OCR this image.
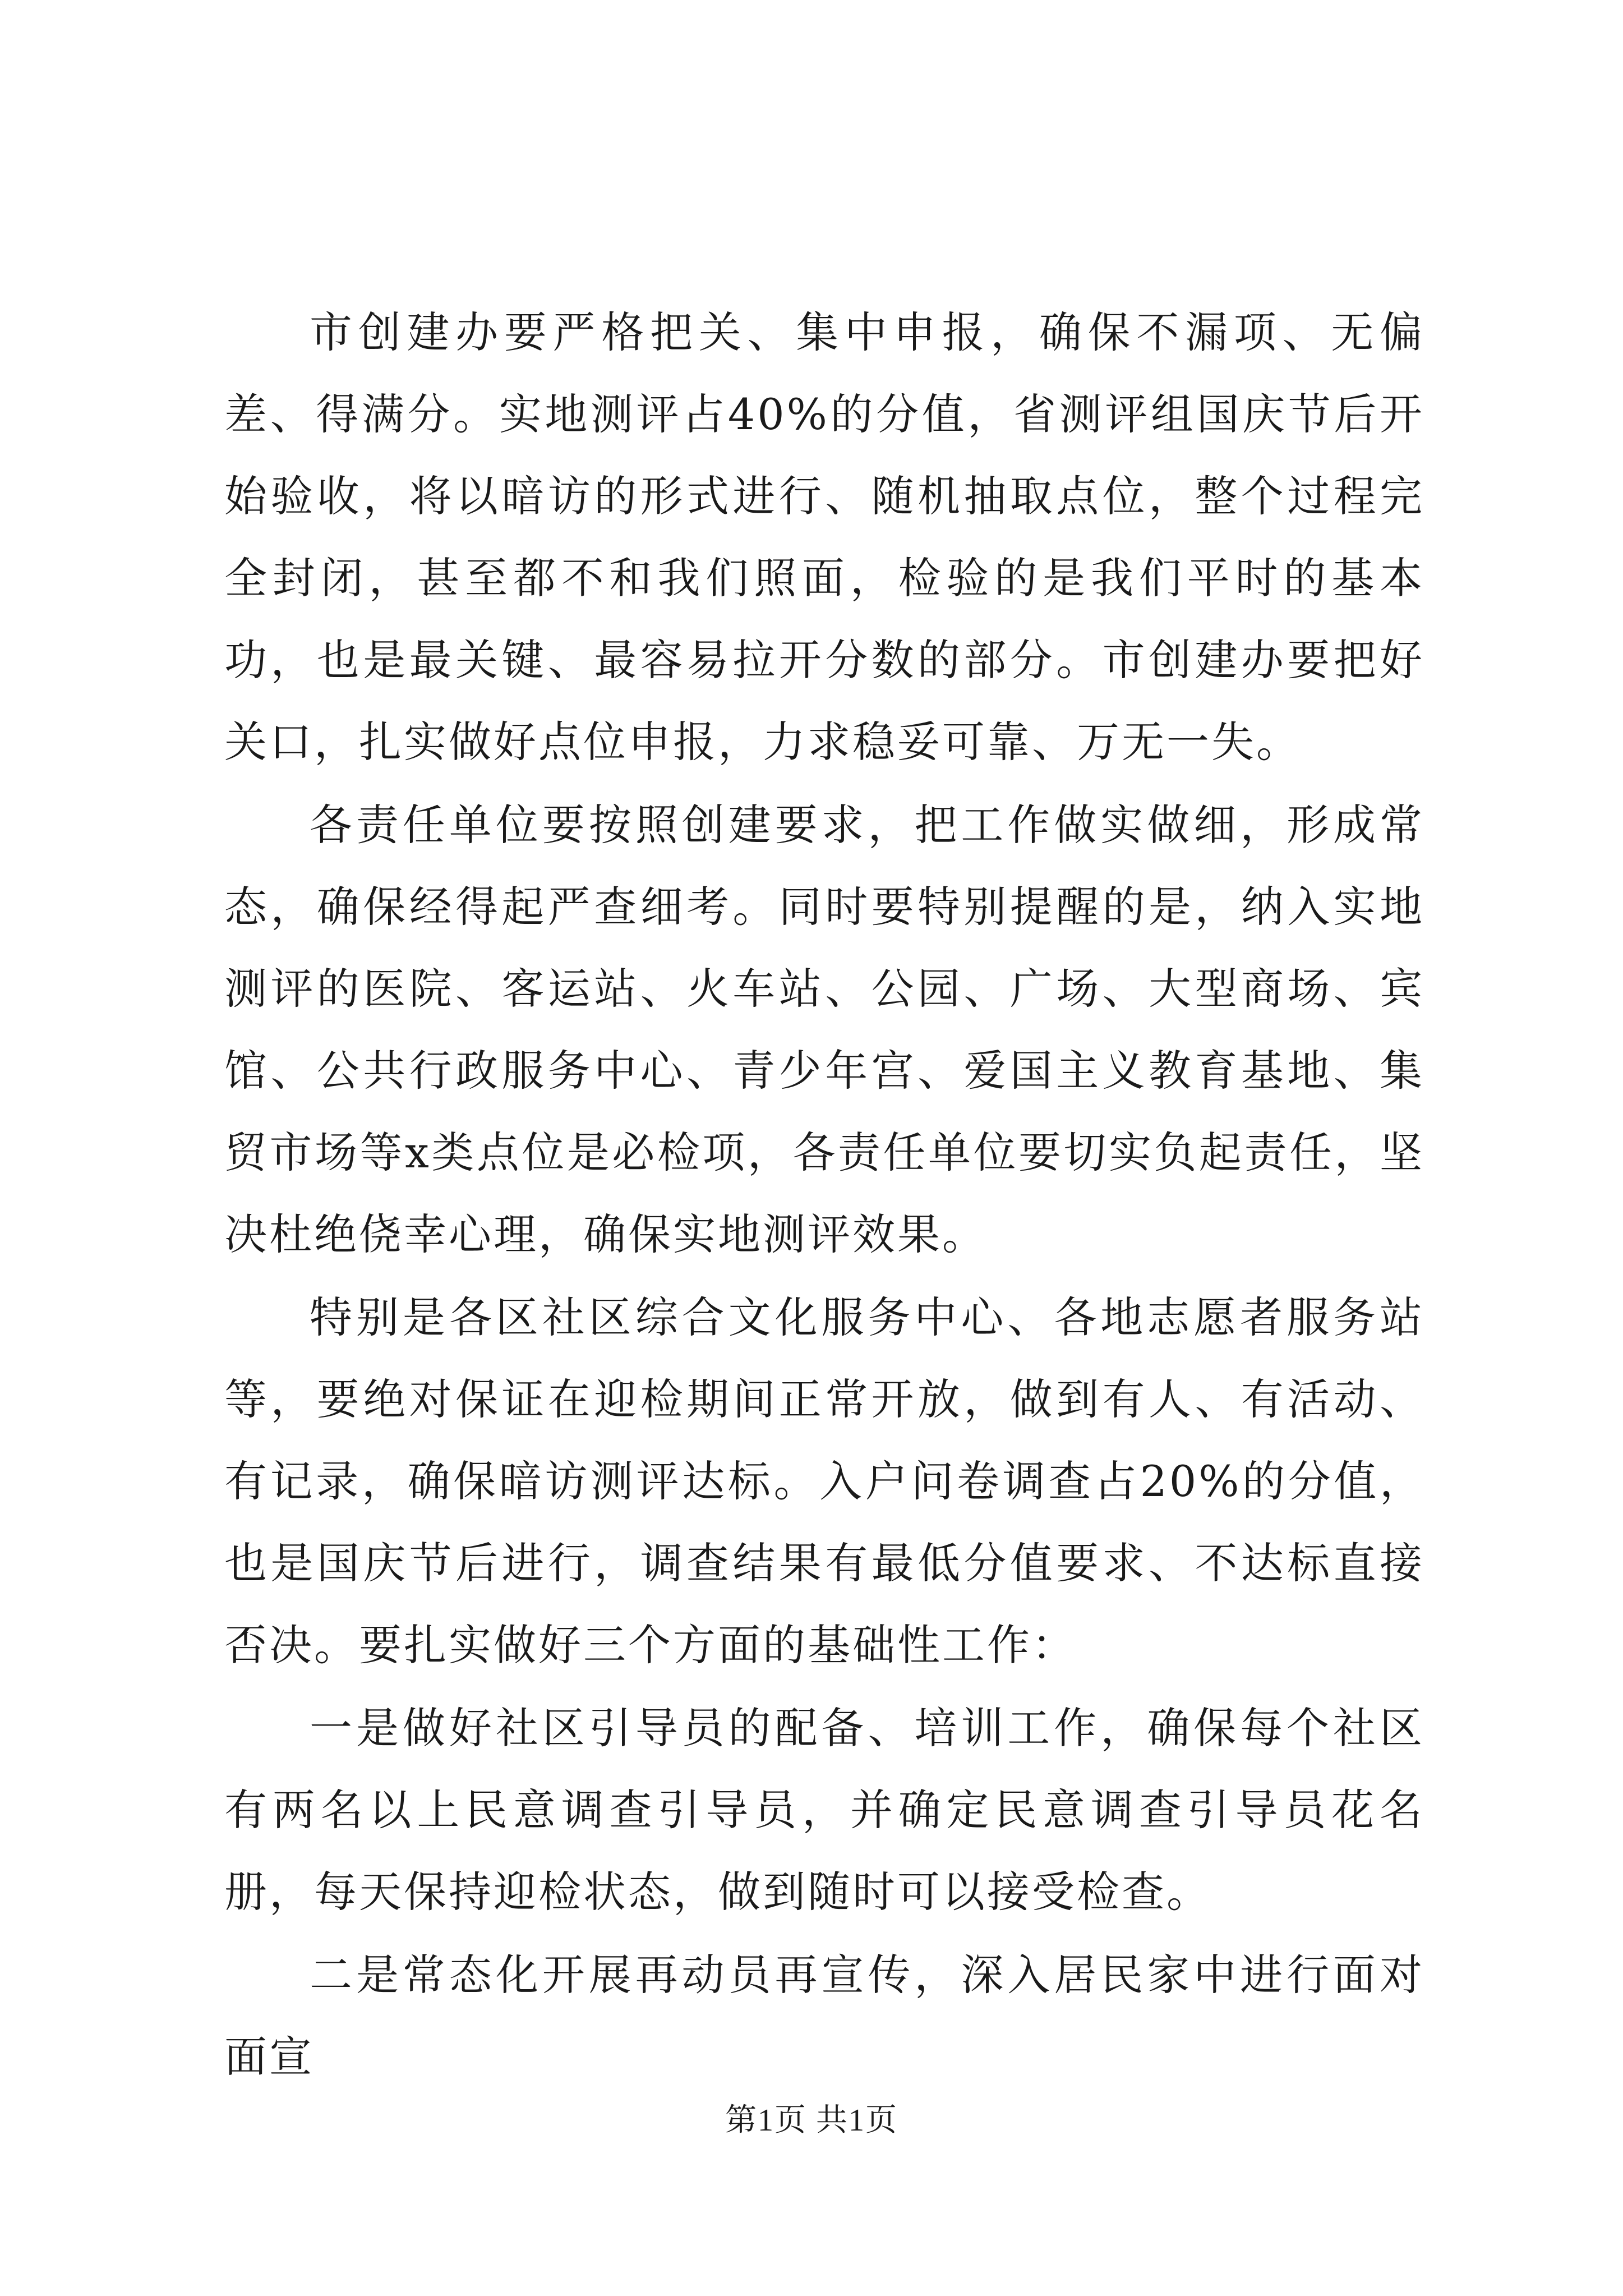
市创建办要严格把关、集中申报，确保不漏项、无偏差、得满分。实地测评占40%的分值，省测评组国庆节后开始验收，将以暗访的形式进行、随机抽取点位，整个过程完全封闭，甚至都不和我们照面，检验的是我们平时的基本功，也是最关键、最容易拉开分数的部分。市创建办要把好关口，扎实做好点位申报，力求稳妥可靠、万无一失。

各责任单位要按照创建要求，把工作做实做细，形成常态，确保经得起严查细考。同时要特别提醒的是，纳入实地测评的医院、客运站、火车站、公园、广场、大型商场、宾馆、公共行政服务中心、青少年宫、爱国主义教育基地、集贸市场等x类点位是必检项，各责任单位要切实负起责任，坚决杜绝侥幸心理，确保实地测评效果。

特别是各区社区综合文化服务中心、各地志愿者服务站等，要绝对保证在迎检期间正常开放，做到有人、有活动、有记录，确保暗访测评达标。入户问卷调查占20%的分值，也是国庆节后进行，调查结果有最低分值要求、不达标直接否决。要扎实做好三个方面的基础性工作：

一是做好社区引导员的配备、培训工作，确保每个社区有两名以上民意调查引导员，并确定民意调查引导员花名册，每天保持迎检状态，做到随时可以接受检查。

二是常态化开展再动员再宣传，深入居民家中进行面对面宣

第1页 共1页
